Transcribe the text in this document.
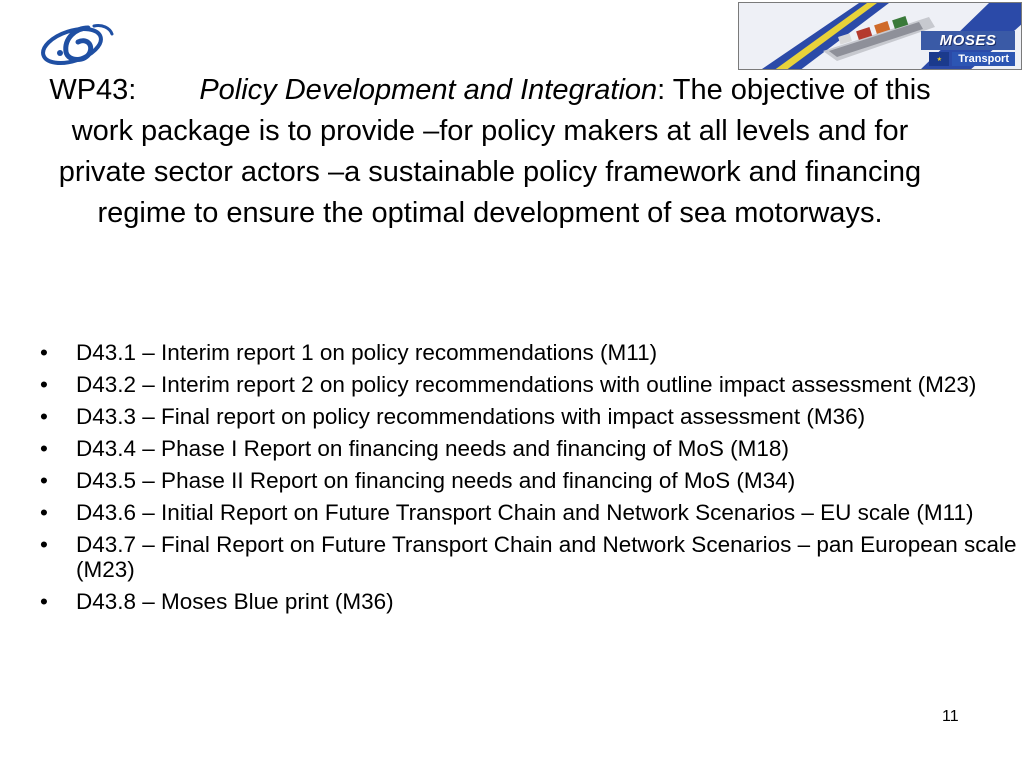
MOSES
★	Transport
WP43: Policy Development and Integration: The objective of this work package is to provide –for policy makers at all levels and for private sector actors –a sustainable policy framework and financing regime to ensure the optimal development of sea motorways.
• D43.1 – Interim report 1 on policy recommendations (M11)
• D43.2 – Interim report 2 on policy recommendations with outline impact assessment (M23)
• D43.3 – Final report on policy recommendations with impact assessment (M36)
• D43.4 – Phase I Report on financing needs and financing of MoS (M18)
• D43.5 – Phase II Report on financing needs and financing of MoS (M34)
• D43.6 – Initial Report on Future Transport Chain and Network Scenarios – EU scale (M11)
• D43.7 – Final Report on Future Transport Chain and Network Scenarios – pan European scale (M23)
• D43.8 – Moses Blue print (M36)
11
